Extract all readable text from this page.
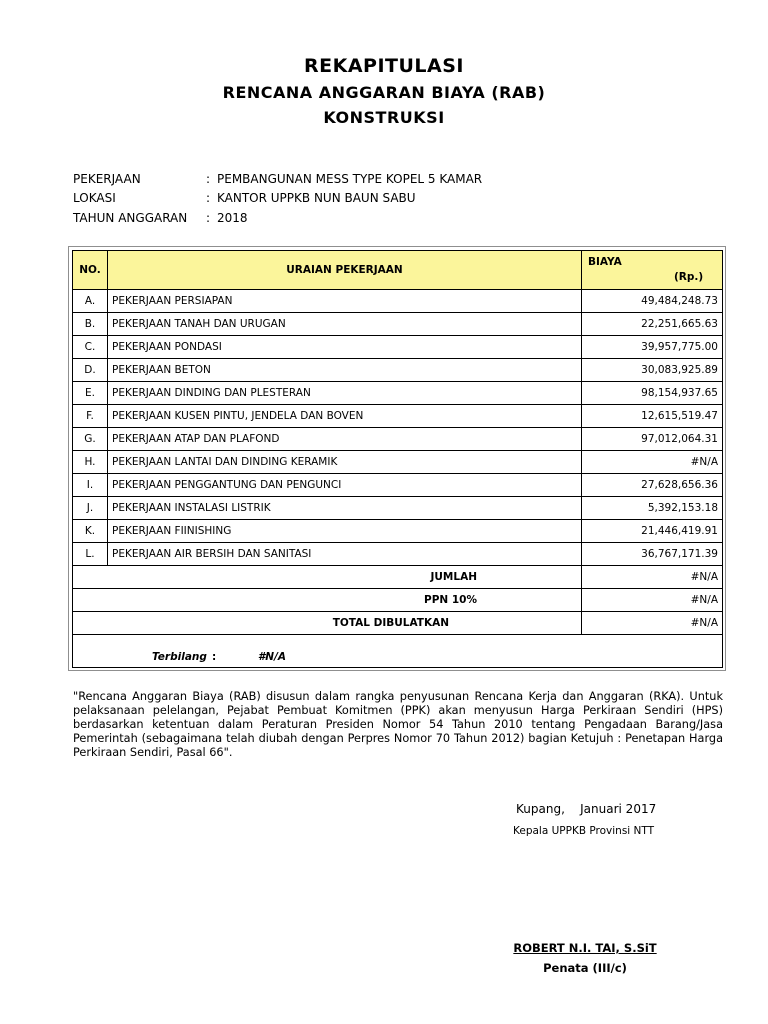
REKAPITULASI
RENCANA ANGGARAN BIAYA (RAB)
KONSTRUKSI
PEKERJAAN	: PEMBANGUNAN MESS TYPE KOPEL 5 KAMAR
LOKASI	: KANTOR UPPKB NUN BAUN SABU
TAHUN ANGGARAN : 2018
NO.	URAIAN PEKERJAAN	BIAYA
(Rp.)

A.	PEKERJAAN PERSIAPAN	49,484,248.73
B.	PEKERJAAN TANAH DAN URUGAN	22,251,665.63
C.	PEKERJAAN PONDASI	39,957,775.00
D.	PEKERJAAN BETON	30,083,925.89
E.	PEKERJAAN DINDING DAN PLESTERAN	98,154,937.65
F.	PEKERJAAN KUSEN PINTU, JENDELA DAN BOVEN	12,615,519.47
G.	PEKERJAAN ATAP DAN PLAFOND	97,012,064.31
H.	PEKERJAAN LANTAI DAN DINDING KERAMIK	#N/A
I.	PEKERJAAN PENGGANTUNG DAN PENGUNCI	27,628,656.36
J.	PEKERJAAN INSTALASI LISTRIK	5,392,153.18
K.	PEKERJAAN FIINISHING	21,446,419.91
L.	PEKERJAAN AIR BERSIH DAN SANITASI	36,767,171.39
JUMLAH		#N/A
PPN 10%		#N/A
TOTAL DIBULATKAN		#N/A

Terbilang : #N/A		
"Rencana Anggaran Biaya (RAB) disusun dalam rangka penyusunan Rencana Kerja dan Anggaran (RKA). Untuk pelaksanaan pelelangan, Pejabat Pembuat Komitmen (PPK) akan menyusun Harga Perkiraan Sendiri (HPS) berdasarkan ketentuan dalam Peraturan Presiden Nomor 54 Tahun 2010 tentang Pengadaan Barang/Jasa Pemerintah (sebagaimana telah diubah dengan Perpres Nomor 70 Tahun 2012) bagian Ketujuh : Penetapan Harga Perkiraan Sendiri, Pasal 66".
Kupang,    Januari 2017
Kepala UPPKB Provinsi NTT
ROBERT N.I. TAI, S.SiT
Penata (III/c)
